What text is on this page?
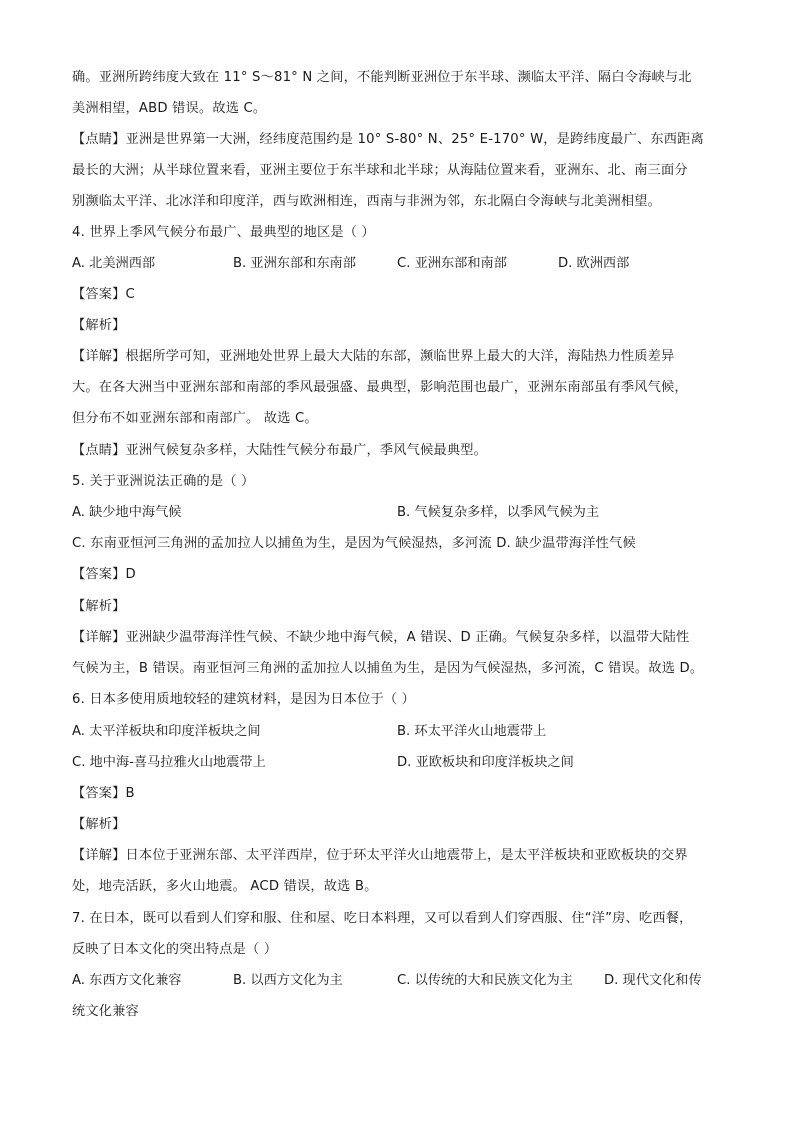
确。亚洲所跨纬度大致在 11° S～81° N 之间，不能判断亚洲位于东半球、濒临太平洋、隔白令海峡与北
美洲相望，ABD 错误。故选 C。
【点睛】亚洲是世界第一大洲，经纬度范围约是 10° S-80° N、25° E-170° W，是跨纬度最广、东西距离
最长的大洲；从半球位置来看，亚洲主要位于东半球和北半球；从海陆位置来看，亚洲东、北、南三面分
别濒临太平洋、北冰洋和印度洋，西与欧洲相连，西南与非洲为邻，东北隔白令海峡与北美洲相望。
4. 世界上季风气候分布最广、最典型的地区是（ ）
A. 北美洲西部	B. 亚洲东部和东南部	C. 亚洲东部和南部	D. 欧洲西部
【答案】C
【解析】
【详解】根据所学可知，亚洲地处世界上最大大陆的东部，濒临世界上最大的大洋，海陆热力性质差异
大。在各大洲当中亚洲东部和南部的季风最强盛、最典型，影响范围也最广，亚洲东南部虽有季风气候，
但分布不如亚洲东部和南部广。 故选 C。
【点睛】亚洲气候复杂多样，大陆性气候分布最广，季风气候最典型。
5. 关于亚洲说法正确的是（ ）
A. 缺少地中海气候	B. 气候复杂多样，以季风气候为主
C. 东南亚恒河三角洲的孟加拉人以捕鱼为生，是因为气候湿热，多河流 D. 缺少温带海洋性气候
【答案】D
【解析】
【详解】亚洲缺少温带海洋性气候、不缺少地中海气候，A 错误、D 正确。气候复杂多样，以温带大陆性
气候为主，B 错误。南亚恒河三角洲的孟加拉人以捕鱼为生，是因为气候湿热，多河流，C 错误。故选 D。
6. 日本多使用质地较轻的建筑材料，是因为日本位于（ ）
A. 太平洋板块和印度洋板块之间	B. 环太平洋火山地震带上
C. 地中海-喜马拉雅火山地震带上	D. 亚欧板块和印度洋板块之间
【答案】B
【解析】
【详解】日本位于亚洲东部、太平洋西岸，位于环太平洋火山地震带上，是太平洋板块和亚欧板块的交界
处，地壳活跃，多火山地震。 ACD 错误，故选 B。
7. 在日本，既可以看到人们穿和服、住和屋、吃日本料理，又可以看到人们穿西服、住“洋”房、吃西餐，
反映了日本文化的突出特点是（ ）
A. 东西方文化兼容	B. 以西方文化为主	C. 以传统的大和民族文化为主 D. 现代文化和传
统文化兼容
